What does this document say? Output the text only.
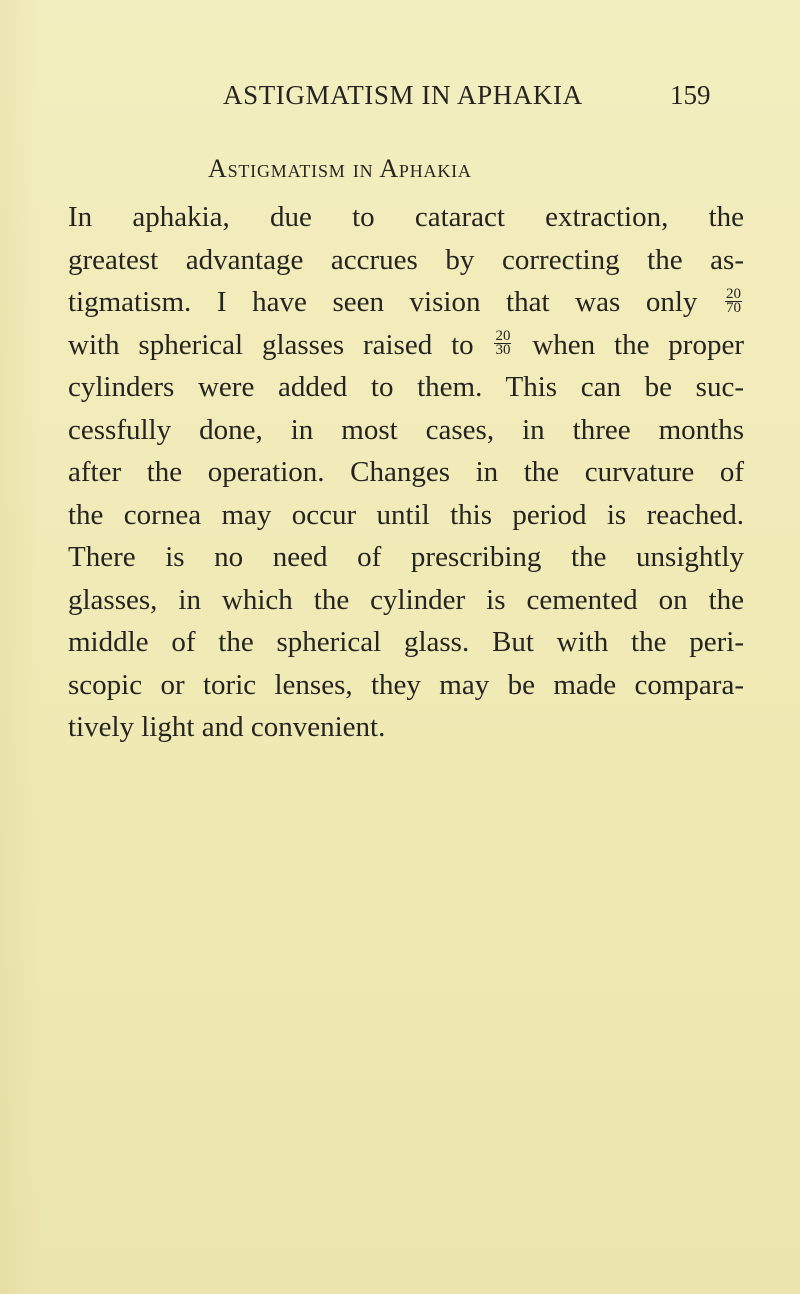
ASTIGMATISM IN APHAKIA	159
Astigmatism in Aphakia
In aphakia, due to cataract extraction, the
greatest advantage accrues by correcting the as-
tigmatism. I have seen vision that was only $\frac{20}{70}$
with spherical glasses raised to $\frac{20}{30}$ when the proper
cylinders were added to them. This can be suc-
cessfully done, in most cases, in three months
after the operation. Changes in the curvature of
the cornea may occur until this period is reached.
There is no need of prescribing the unsightly
glasses, in which the cylinder is cemented on the
middle of the spherical glass. But with the peri-
scopic or toric lenses, they may be made compara-
tively light and convenient.
